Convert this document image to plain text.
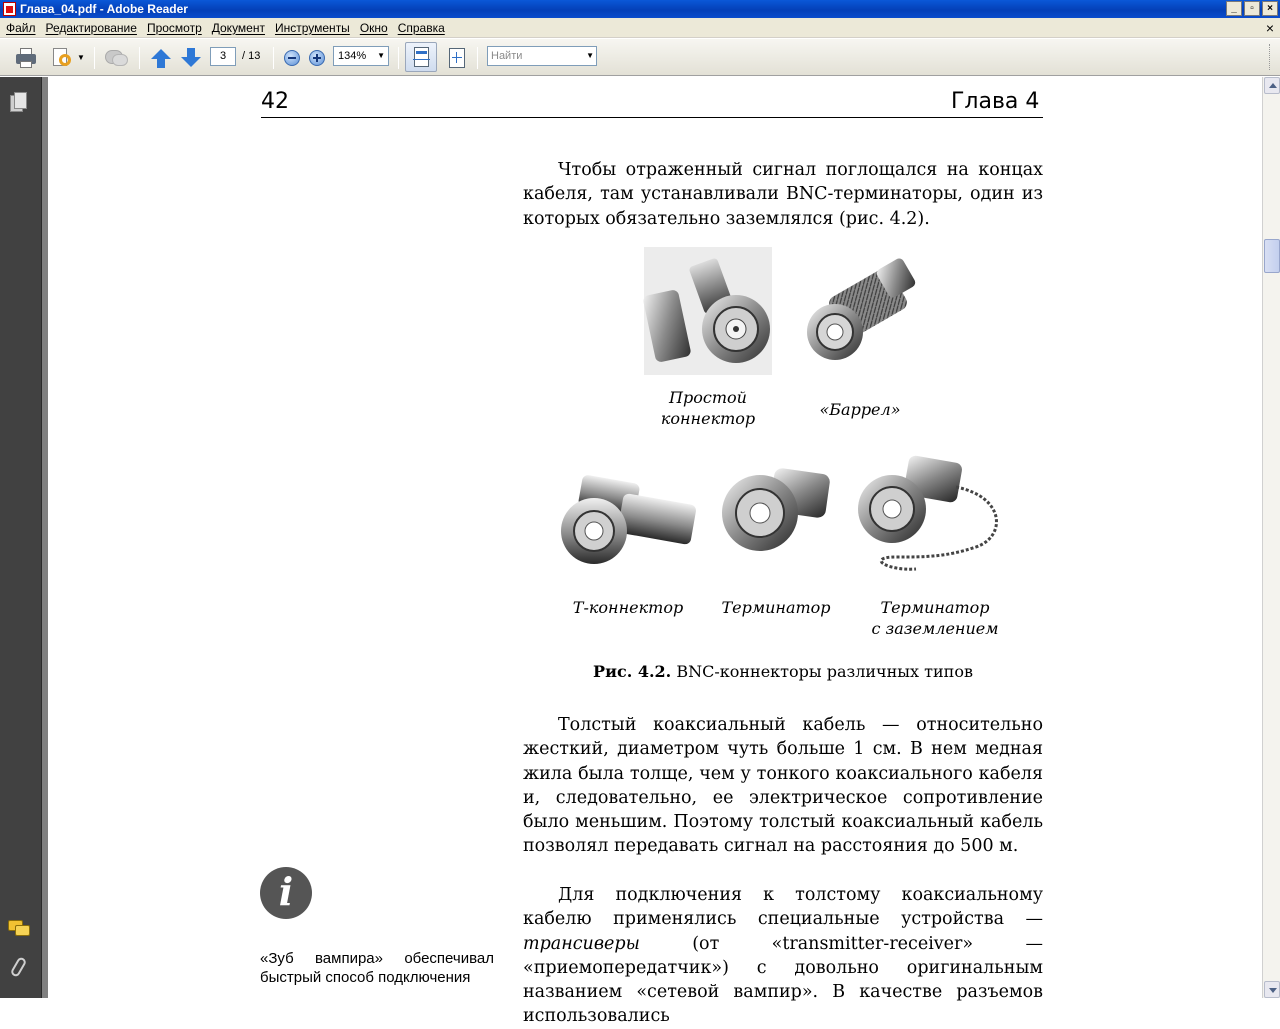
Глава_04.pdf - Adobe Reader	_	▫	×
Файл Редактирование Просмотр Документ Инструменты Окно Справка	×
▼	3	/ 13	134% ▼
Найти	▼
42	Глава 4

Чтобы отраженный сигнал поглощался на концах кабеля, там устанавливали BNC-терминаторы, один из которых обязательно заземлялся (рис. 4.2).

Простой
коннектор	«Баррел»
Т-коннектор	Терминатор	Терминатор
с заземлением
Рис. 4.2. BNC-коннекторы различных типов

Толстый коаксиальный кабель — относительно жесткий, диаметром чуть больше 1 см. В нем медная жила была толще, чем у тонкого коаксиального кабеля и, следовательно, ее электрическое сопротивление было меньшим. Поэтому толстый коаксиальный кабель позволял передавать сигнал на расстояния до 500 м.

Для подключения к толстому коаксиальному кабелю применялись специальные устройства — трансиверы (от «transmitter-receiver» — «приемопередатчик») с довольно оригинальным названием «сетевой вампир». В качестве разъемов использовались

i
«Зуб вампира» обеспечивал быстрый способ подключения
